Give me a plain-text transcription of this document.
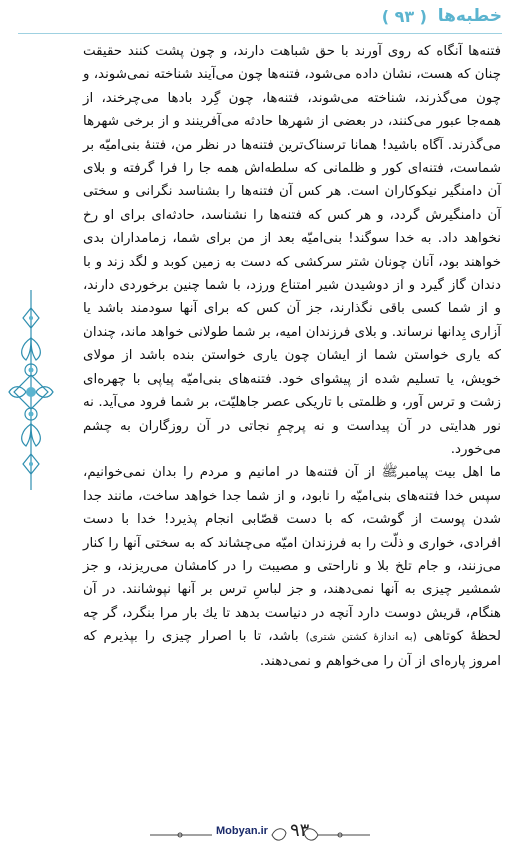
خطبه‌ها
( ۹۳ )

فتنه‌ها آنگاه که روی آورند با حق شباهت دارند، و چون پشت کنند حقیقت چنان که هست، نشان داده می‌شود، فتنه‌ها چون می‌آیند شناخته نمی‌شوند، و چون می‌گذرند، شناخته می‌شوند، فتنه‌ها، چون گِرد بادها می‌چرخند، از همه‌جا عبور می‌کنند، در بعضی از شهرها حادثه می‌آفرینند و از برخی شهرها می‌گذرند. آگاه باشید! همانا ترسناک‌ترین فتنه‌ها در نظر من، فتنهٔ بنی‌امیّه بر شماست، فتنه‌ای کور و ظلمانی که سلطه‌اش همه جا را فرا گرفته و بلای آن دامنگیر نیکوکاران است. هر کس آن فتنه‌ها را بشناسد نگرانی و سختی آن دامنگیرش گردد، و هر کس که فتنه‌ها را نشناسد، حادثه‌ای برای او رخ نخواهد داد. به خدا سوگند! بنی‌امیّه بعد از من برای شما، زمامداران بدی خواهند بود، آنان چونان شتر سرکشی که دست به زمین کوبد و لگد زند و با دندان گاز گیرد و از دوشیدن شیر امتناع ورزد، با شما چنین برخوردی دارند، و از شما کسی باقی نگذارند، جز آن کس که برای آنها سودمند باشد یا آزاری بِدانها نرساند. و بلای فرزندان امیه، بر شما طولانی خواهد ماند، چندان که یاری خواستن شما از ایشان چون یاری خواستن بنده باشد از مولای خویش، یا تسلیم شده از پیشوای خود. فتنه‌های بنی‌امیّه پیاپی با چهره‌ای زشت و ترس آور، و ظلمتی با تاریکی عصر جاهلیّت، بر شما فرود می‌آید. نه نور هدایتی در آن پیداست و نه پرچمِ نجاتی در آن روزگاران به چشم می‌خورد.

ما اهل بیت پیامبرﷺ از آن فتنه‌ها در امانیم و مردم را بدان نمی‌خوانیم، سپس خدا فتنه‌های بنی‌امیّه را نابود، و از شما جدا خواهد ساخت، مانند جدا شدن پوست از گوشت، که با دست قصّابی انجام پذیرد! خدا با دست افرادی، خواری و ذلّت را به فرزندان امیّه می‌چشاند که به سختی آنها را کنار می‌زنند، و جام تلخ بلا و ناراحتی و مصیبت را در کامشان می‌ریزند، و جز شمشیر چیزی به آنها نمی‌دهند، و جز لباسِ ترس بر آنها نپوشانند. در آن هنگام، قریش دوست دارد آنچه در دنیاست بدهد تا یك بار مرا بنگرد، گر چه لحظهٔ کوتاهی (به اندازهٔ کشتن شتری) باشد، تا با اصرار چیزی را بپذیرم که امروز پاره‌ای از آن را می‌خواهم و نمی‌دهند.

Mobyan.ir ۹۳
